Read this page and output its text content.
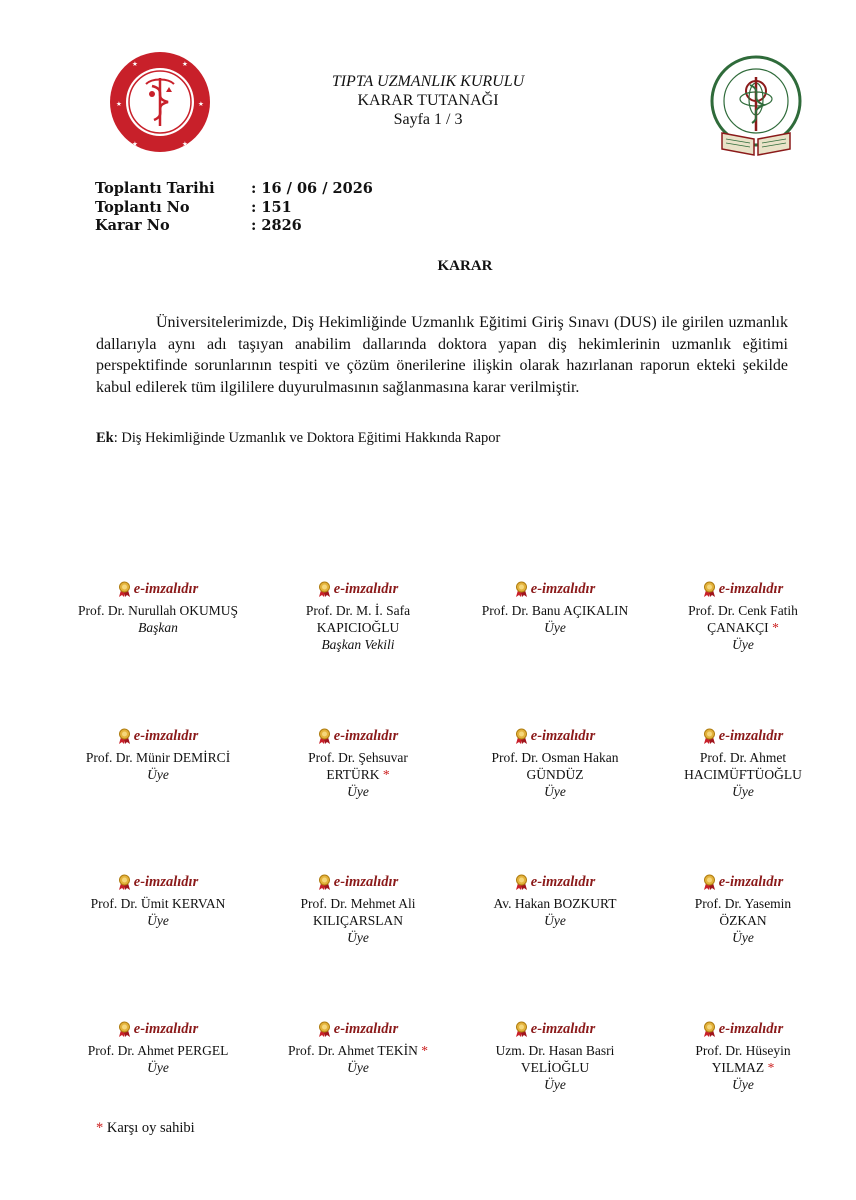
★	★
★	★
★	★
TIPTA UZMANLIK KURULU
KARAR TUTANAĞI
Sayfa 1 / 3
Toplantı Tarihi	: 16 / 06 / 2026
Toplantı No	: 151
Karar No	: 2826
KARAR
Üniversitelerimizde, Diş Hekimliğinde Uzmanlık Eğitimi Giriş Sınavı (DUS) ile girilen uzmanlık dallarıyla aynı adı taşıyan anabilim dallarında doktora yapan diş hekimlerinin uzmanlık eğitimi perspektifinde sorunlarının tespiti ve çözüm önerilerine ilişkin olarak hazırlanan raporun ekteki şekilde kabul edilerek tüm ilgililere duyurulmasının sağlanmasına karar verilmiştir.
Ek: Diş Hekimliğinde Uzmanlık ve Doktora Eğitimi Hakkında Rapor
e-imzalıdır
Prof. Dr. Nurullah OKUMUŞ
Başkan
e-imzalıdır
Prof. Dr. M. İ. Safa
KAPICIOĞLU
Başkan Vekili
e-imzalıdır
Prof. Dr. Banu AÇIKALIN
Üye
e-imzalıdır
Prof. Dr. Cenk Fatih
ÇANAKÇI *
Üye
e-imzalıdır
Prof. Dr. Münir DEMİRCİ
Üye
e-imzalıdır
Prof. Dr. Şehsuvar
ERTÜRK *
Üye
e-imzalıdır
Prof. Dr. Osman Hakan
GÜNDÜZ
Üye
e-imzalıdır
Prof. Dr. Ahmet
HACIMÜFTÜOĞLU
Üye
e-imzalıdır
Prof. Dr. Ümit KERVAN
Üye
e-imzalıdır
Prof. Dr. Mehmet Ali
KILIÇARSLAN
Üye
e-imzalıdır
Av. Hakan BOZKURT
Üye
e-imzalıdır
Prof. Dr. Yasemin
ÖZKAN
Üye
e-imzalıdır
Prof. Dr. Ahmet PERGEL
Üye
e-imzalıdır
Prof. Dr. Ahmet TEKİN *
Üye
e-imzalıdır
Uzm. Dr. Hasan Basri
VELİOĞLU
Üye
e-imzalıdır
Prof. Dr. Hüseyin
YILMAZ *
Üye
* Karşı oy sahibi
